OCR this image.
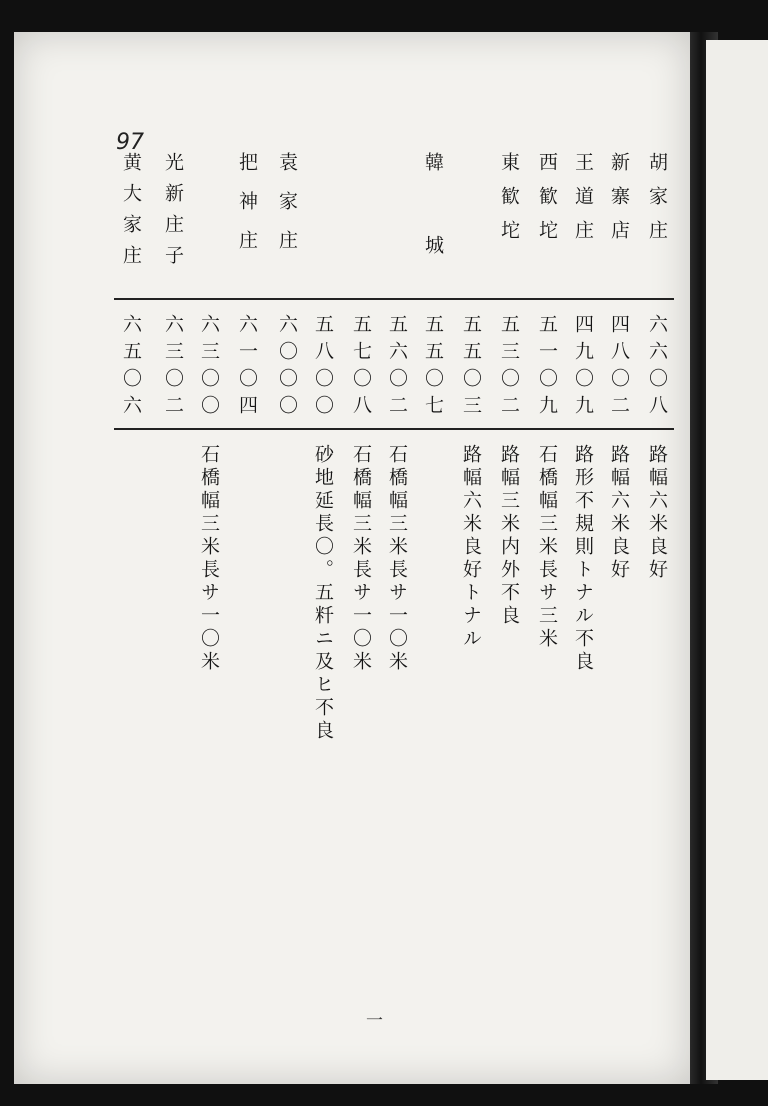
97
胡家庄
新寨店
王道庄
西歓坨
東歓坨
韓城
袁家庄
把神庄
光新庄子
黄大家庄
六六〇八
四八〇二
四九〇九
五一〇九
五三〇二
五五〇三
五五〇七
五六〇二
五七〇八
五八〇〇
六〇〇〇
六一〇四
六三〇〇
六三〇二
六五〇六
路幅六米良好
路幅六米良好
路形不規則トナル不良
石橋幅三米長サ三米
路幅三米内外不良
路幅六米良好トナル
石橋幅三米長サ一〇米
石橋幅三米長サ一〇米
砂地延長〇。五粁ニ及ヒ不良
石橋幅三米長サ一〇米
一
